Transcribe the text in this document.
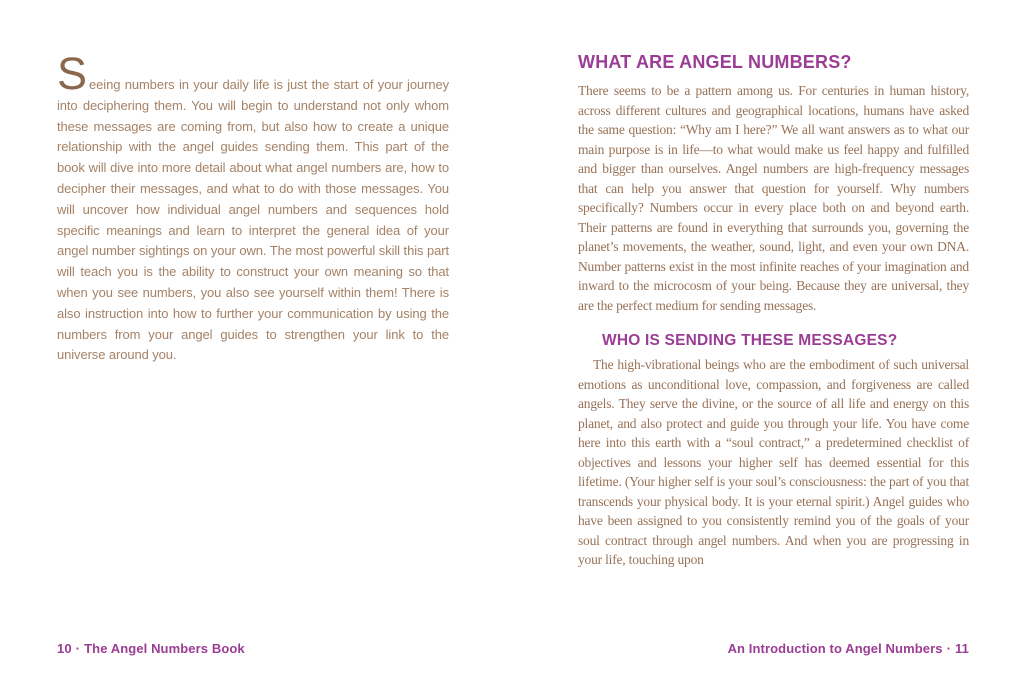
Seeing numbers in your daily life is just the start of your journey into deciphering them. You will begin to understand not only whom these messages are coming from, but also how to create a unique relationship with the angel guides sending them. This part of the book will dive into more detail about what angel numbers are, how to decipher their messages, and what to do with those messages. You will uncover how individual angel numbers and sequences hold specific meanings and learn to interpret the general idea of your angel number sightings on your own. The most powerful skill this part will teach you is the ability to construct your own meaning so that when you see numbers, you also see yourself within them! There is also instruction into how to further your communication by using the numbers from your angel guides to strengthen your link to the universe around you.
10 · The Angel Numbers Book
WHAT ARE ANGEL NUMBERS?

There seems to be a pattern among us. For centuries in human history, across different cultures and geographical locations, humans have asked the same question: “Why am I here?” We all want answers as to what our main purpose is in life—to what would make us feel happy and fulfilled and bigger than ourselves. Angel numbers are high-frequency messages that can help you answer that question for yourself. Why numbers specifically? Numbers occur in every place both on and beyond earth. Their patterns are found in everything that surrounds you, governing the planet’s movements, the weather, sound, light, and even your own DNA. Number patterns exist in the most infinite reaches of your imagination and inward to the microcosm of your being. Because they are universal, they are the perfect medium for sending messages.

WHO IS SENDING THESE MESSAGES?

The high-vibrational beings who are the embodiment of such universal emotions as unconditional love, compassion, and forgiveness are called angels. They serve the divine, or the source of all life and energy on this planet, and also protect and guide you through your life. You have come here into this earth with a “soul contract,” a predetermined checklist of objectives and lessons your higher self has deemed essential for this lifetime. (Your higher self is your soul’s consciousness: the part of you that transcends your physical body. It is your eternal spirit.) Angel guides who have been assigned to you consistently remind you of the goals of your soul contract through angel numbers. And when you are progressing in your life, touching upon

An Introduction to Angel Numbers · 11
